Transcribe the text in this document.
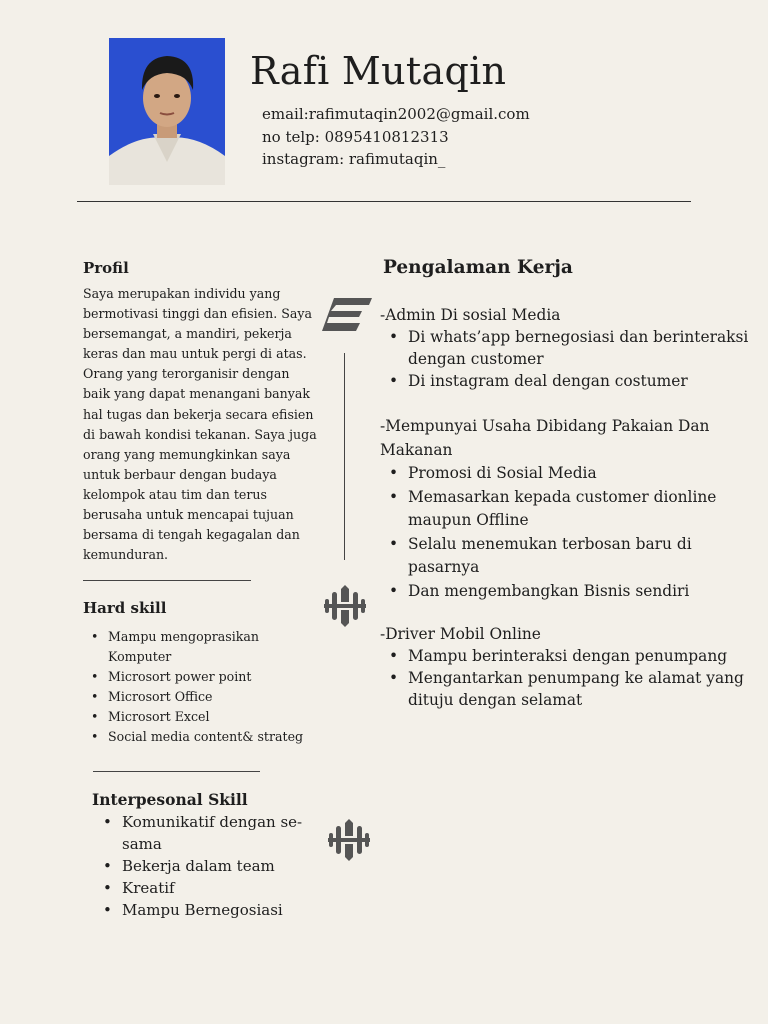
Rafi Mutaqin
email:rafimutaqin2002@gmail.com
no telp: 0895410812313
instagram: rafimutaqin_
Profil

Saya merupakan individu yang bermotivasi tinggi dan efisien. Saya bersemangat, a mandiri, pekerja keras dan mau untuk pergi di atas. Orang yang terorganisir dengan baik yang dapat menangani banyak hal tugas dan bekerja secara efisien di bawah kondisi tekanan. Saya juga orang yang memungkinkan saya untuk berbaur dengan budaya kelompok atau tim dan terus berusaha untuk mencapai tujuan bersama di tengah kegagalan dan kemunduran.

Hard skill
• Mampu mengoprasikan Komputer
• Microsort power point
• Microsort Office
• Microsort Excel
• Social media content& strateg
Interpesonal Skill
• Komunikatif dengan se-sama
• Bekerja dalam team
• Kreatif
• Mampu Bernegosiasi
Pengalaman Kerja
-Admin Di sosial Media
• Di whats’app bernegosiasi dan berinteraksi dengan customer
• Di instagram deal dengan costumer
-Mempunyai Usaha Dibidang Pakaian Dan Makanan
• Promosi di Sosial Media
• Memasarkan kepada customer dionline maupun Offline
• Selalu menemukan terbosan baru di pasarnya
• Dan mengembangkan Bisnis sendiri
-Driver Mobil Online
• Mampu berinteraksi dengan penumpang
• Mengantarkan penumpang ke alamat yang dituju dengan selamat
